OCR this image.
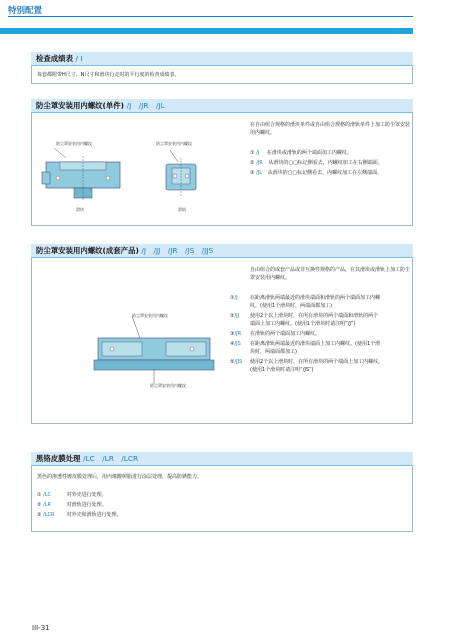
特别配置
检查成绩表 / I
每套都附带H尺寸、N尺寸和滑块行走时的平行度的检查成绩表。
防尘罩安装用内螺纹(单件) /J　/JR　/JL
在自由组合规格的滑块单件或自由组合规格的滑轨单件上加工防尘罩安装用内螺纹。
① /J 在滑块或滑轨的两个端面加工内螺纹。
② /JR 从滑块的▢▢标记侧看去，内螺纹加工在右侧端面。
③ /JL 从滑块的▢▢标记侧看去，内螺纹加工在左侧端面。
防尘罩安装用内螺纹	防尘罩安装用内螺纹
滑块	滑轨
防尘罩安装用内螺纹(成套产品) /J　/JJ　/JR　/JS　/JJS
自由组合的成套产品或非互换性规格的产品，在其滑块或滑轨上加工防尘罩安装用内螺纹。
①/J 在距离滑轨两端最近的滑块端面和滑轨的两个端面加工内螺
纹。(使用1个滑块时，两端面都加工)
②/JJ 使用2个以上滑块时，在所有滑块的两个端面和滑轨的两个
端面上加工内螺纹。(使用1个滑块时请注明“/J”)
③/JR 在滑轨的两个端面加工内螺纹。
④/JS 在距离滑轨两端最近的滑块端面上加工内螺纹。(使用1个滑
块时，两端面都加工)
⑤/JJS 使用2个以上滑块时，在所有滑块的两个端面上加工内螺纹。
(使用1个滑块时请注明“/JS”)
防尘罩安装用内螺纹
防尘罩安装用内螺纹
黑铬皮膜处理 /LC　/LR　/LCR
黑色的渗透性镀皮膜处理后，用丙烯酸树脂进行涂层处理，提高防锈能力。
① /LC	对外壳进行处理。
② /LR	对滑轨进行处理。
③ /LCR 对外壳和滑轨进行处理。
III-31
